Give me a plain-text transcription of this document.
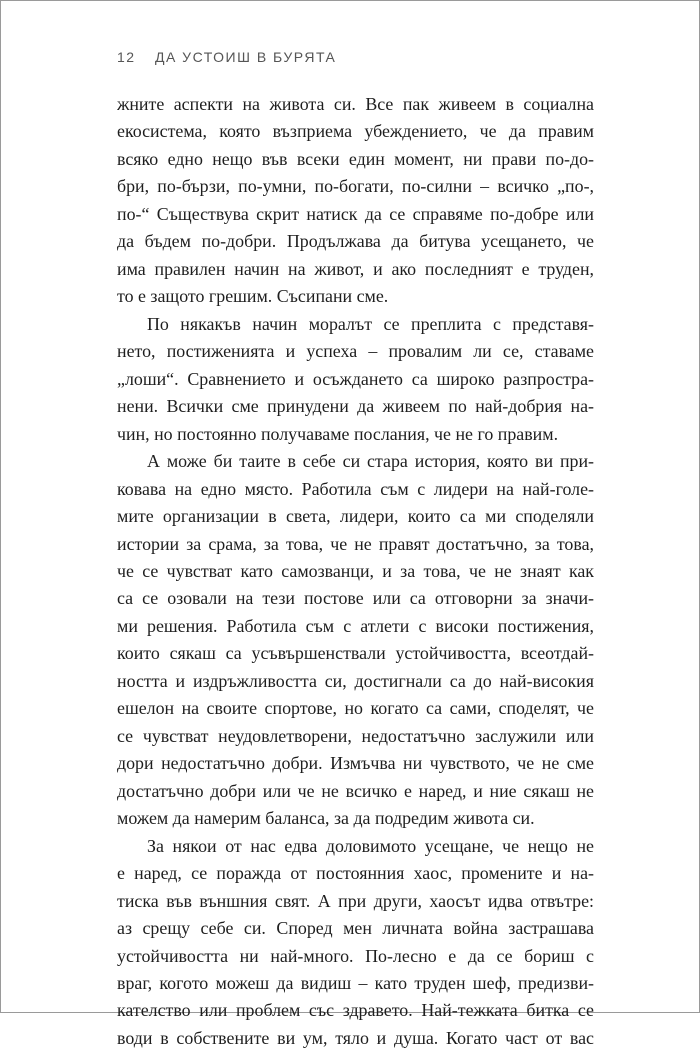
12 ДА УСТОИШ В БУРЯТА
жните аспекти на живота си. Все пак живеем в социална
екосистема, която възприема убеждението, че да правим
всяко едно нещо във всеки един момент, ни прави по-до-
бри, по-бързи, по-умни, по-богати, по-силни – всичко „по-,
по-“ Съществува скрит натиск да се справяме по-добре или
да бъдем по-добри. Продължава да битува усещането, че
има правилен начин на живот, и ако последният е труден,
то е защото грешим. Съсипани сме.
По някакъв начин моралът се преплита с представя-
нето, постиженията и успеха – провалим ли се, ставаме
„лоши“. Сравнението и осъждането са широко разпростра-
нени. Всички сме принудени да живеем по най-добрия на-
чин, но постоянно получаваме послания, че не го правим.
А може би таите в себе си стара история, която ви при-
ковава на едно място. Работила съм с лидери на най-голе-
мите организации в света, лидери, които са ми споделяли
истории за срама, за това, че не правят достатъчно, за това,
че се чувстват като самозванци, и за това, че не знаят как
са се озовали на тези постове или са отговорни за значи-
ми решения. Работила съм с атлети с високи постижения,
които сякаш са усъвършенствали устойчивостта, всеотдай-
ността и издръжливостта си, достигнали са до най-високия
ешелон на своите спортове, но когато са сами, споделят, че
се чувстват неудовлетворени, недостатъчно заслужили или
дори недостатъчно добри. Измъчва ни чувството, че не сме
достатъчно добри или че не всичко е наред, и ние сякаш не
можем да намерим баланса, за да подредим живота си.
За някои от нас едва доловимото усещане, че нещо не
е наред, се поражда от постоянния хаос, промените и на-
тиска във външния свят. А при други, хаосът идва отвътре:
аз срещу себе си. Според мен личната война застрашава
устойчивостта ни най-много. По-лесно е да се бориш с
враг, когото можеш да видиш – като труден шеф, предизви-
кателство или проблем със здравето. Най-тежката битка се
води в собствените ви ум, тяло и душа. Когато част от вас
